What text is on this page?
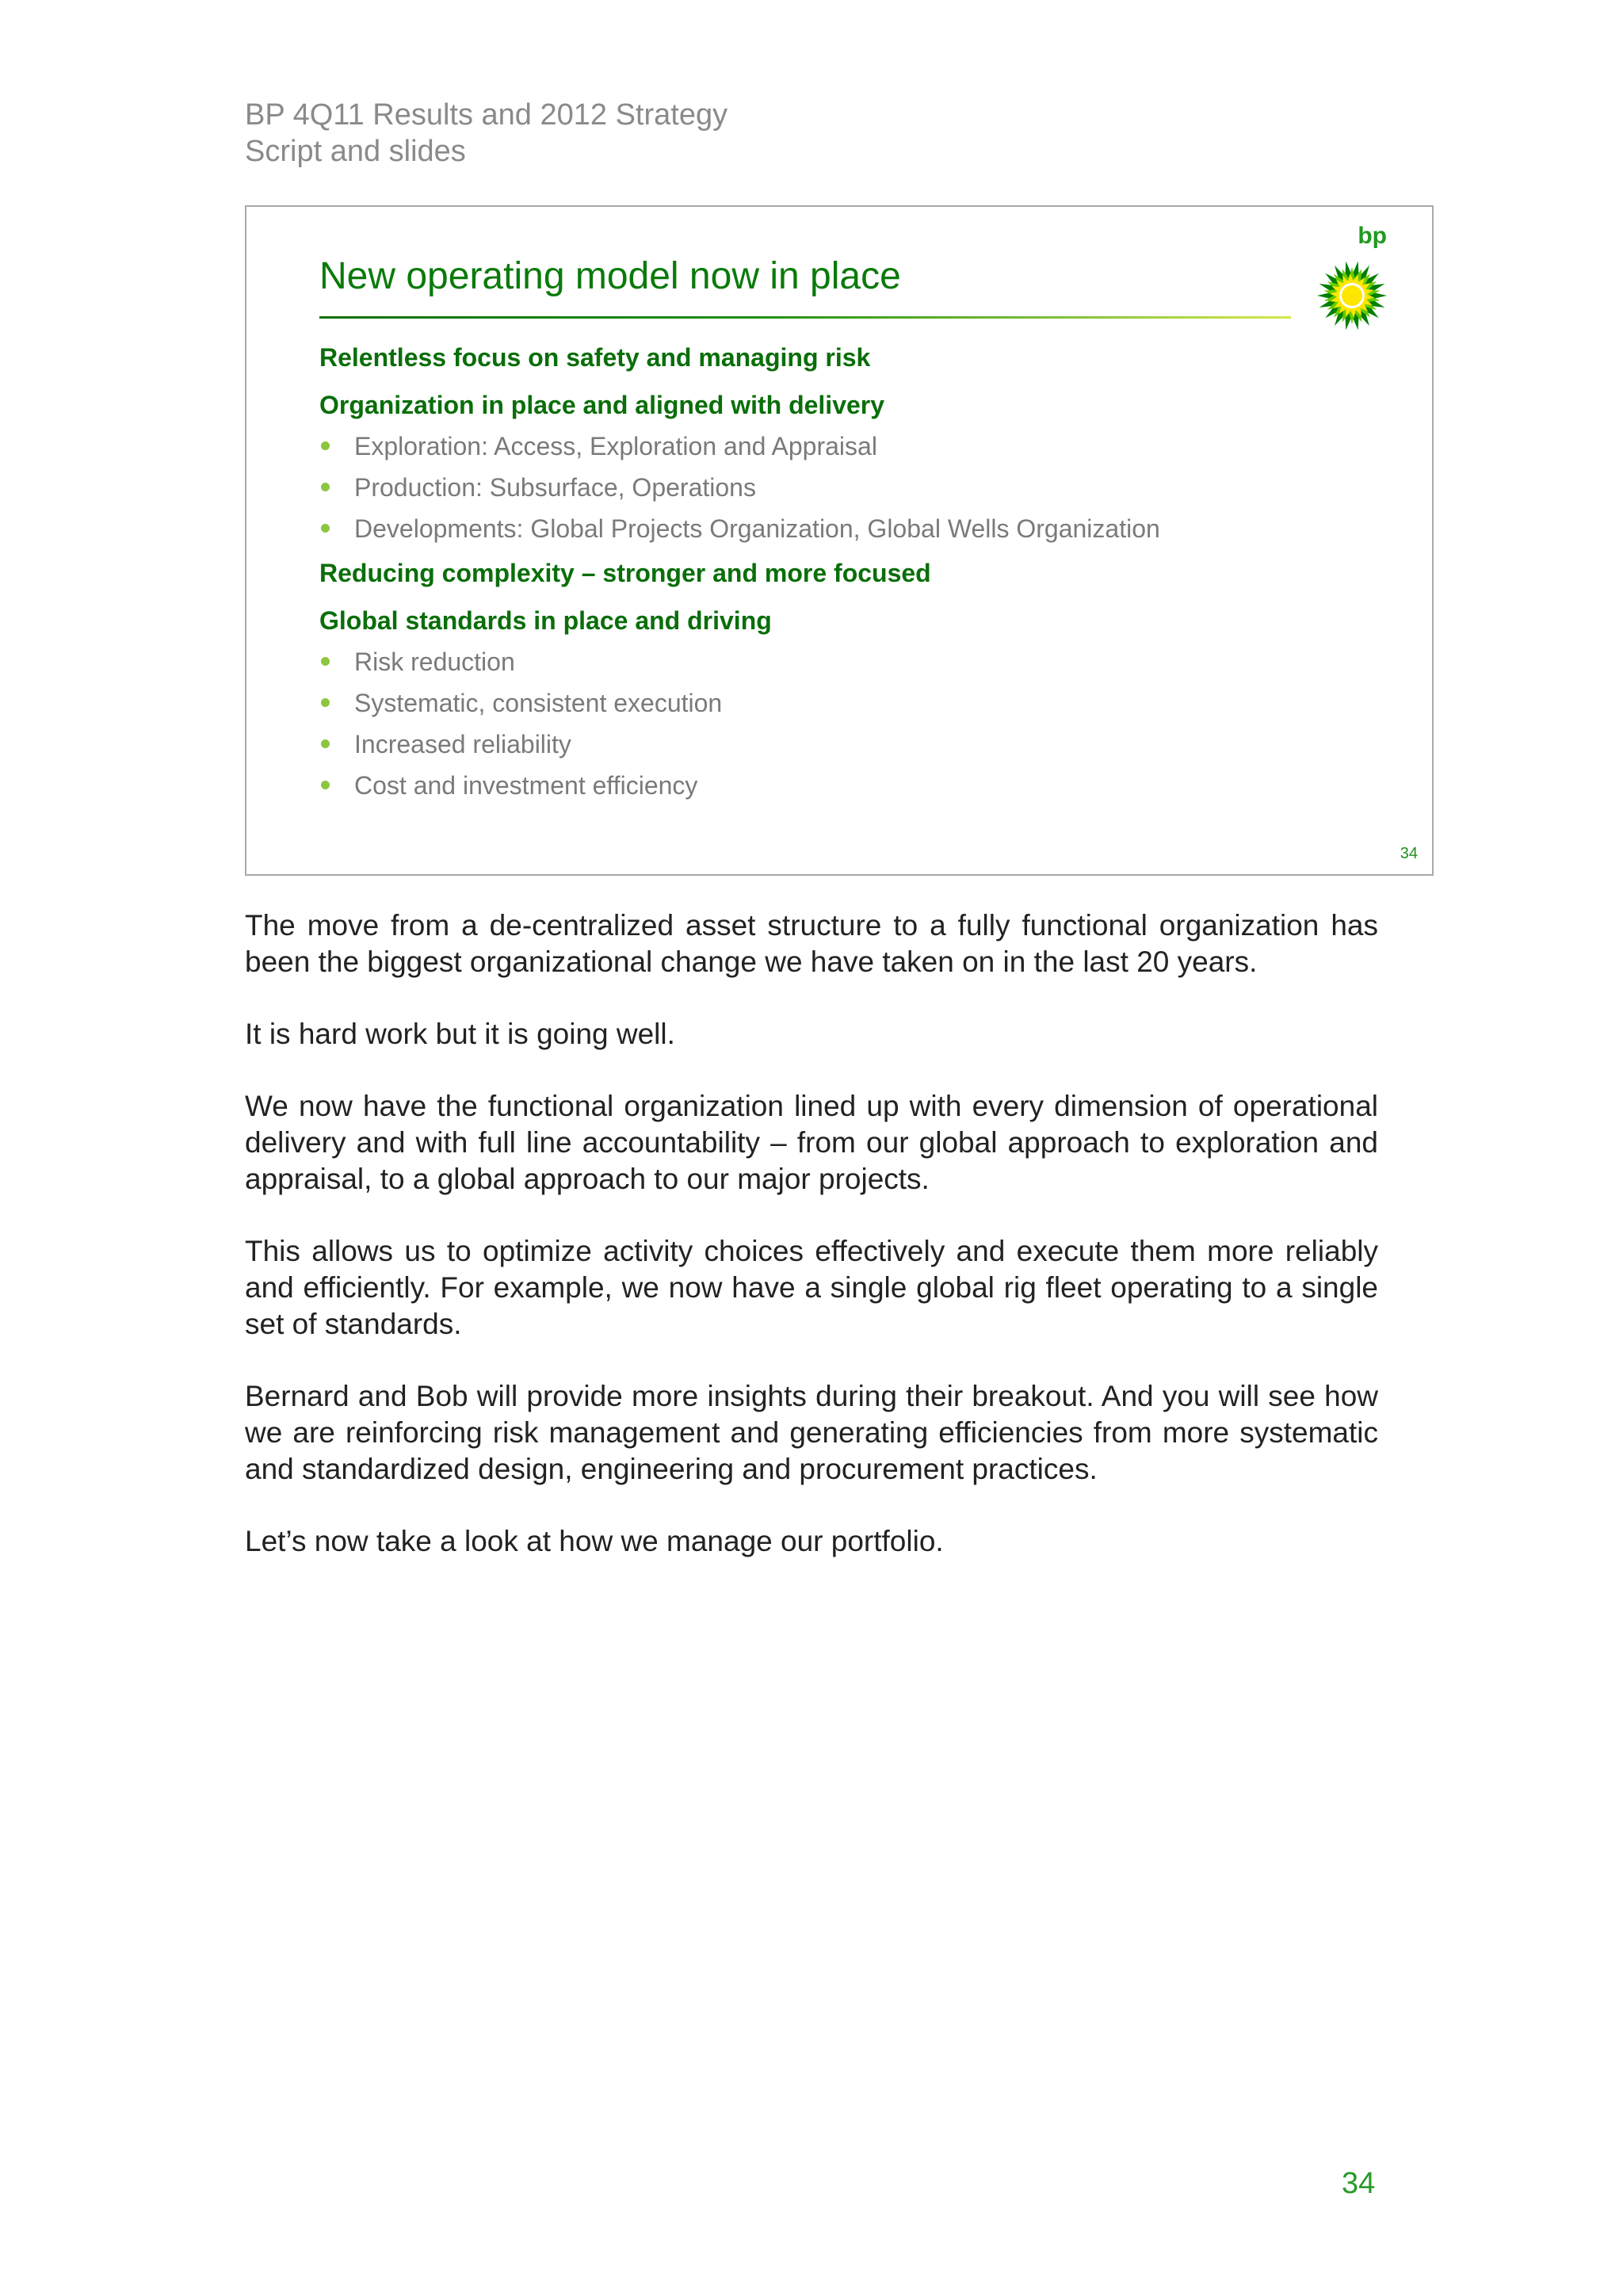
BP 4Q11 Results and 2012 Strategy
Script and slides
New operating model now in place
bp
Relentless focus on safety and managing risk
Organization in place and aligned with delivery
Exploration: Access, Exploration and Appraisal
Production: Subsurface, Operations
Developments: Global Projects Organization, Global Wells Organization
Reducing complexity – stronger and more focused
Global standards in place and driving
Risk reduction
Systematic, consistent execution
Increased reliability
Cost and investment efficiency
34

The move from a de-centralized asset structure to a fully functional organization has been the biggest organizational change we have taken on in the last 20 years.

It is hard work but it is going well.

We now have the functional organization lined up with every dimension of operational delivery and with full line accountability – from our global approach to exploration and appraisal, to a global approach to our major projects.

This allows us to optimize activity choices effectively and execute them more reliably and efficiently. For example, we now have a single global rig fleet operating to a single set of standards.

Bernard and Bob will provide more insights during their breakout. And you will see how we are reinforcing risk management and generating efficiencies from more systematic and standardized design, engineering and procurement practices.

Let’s now take a look at how we manage our portfolio.

34
